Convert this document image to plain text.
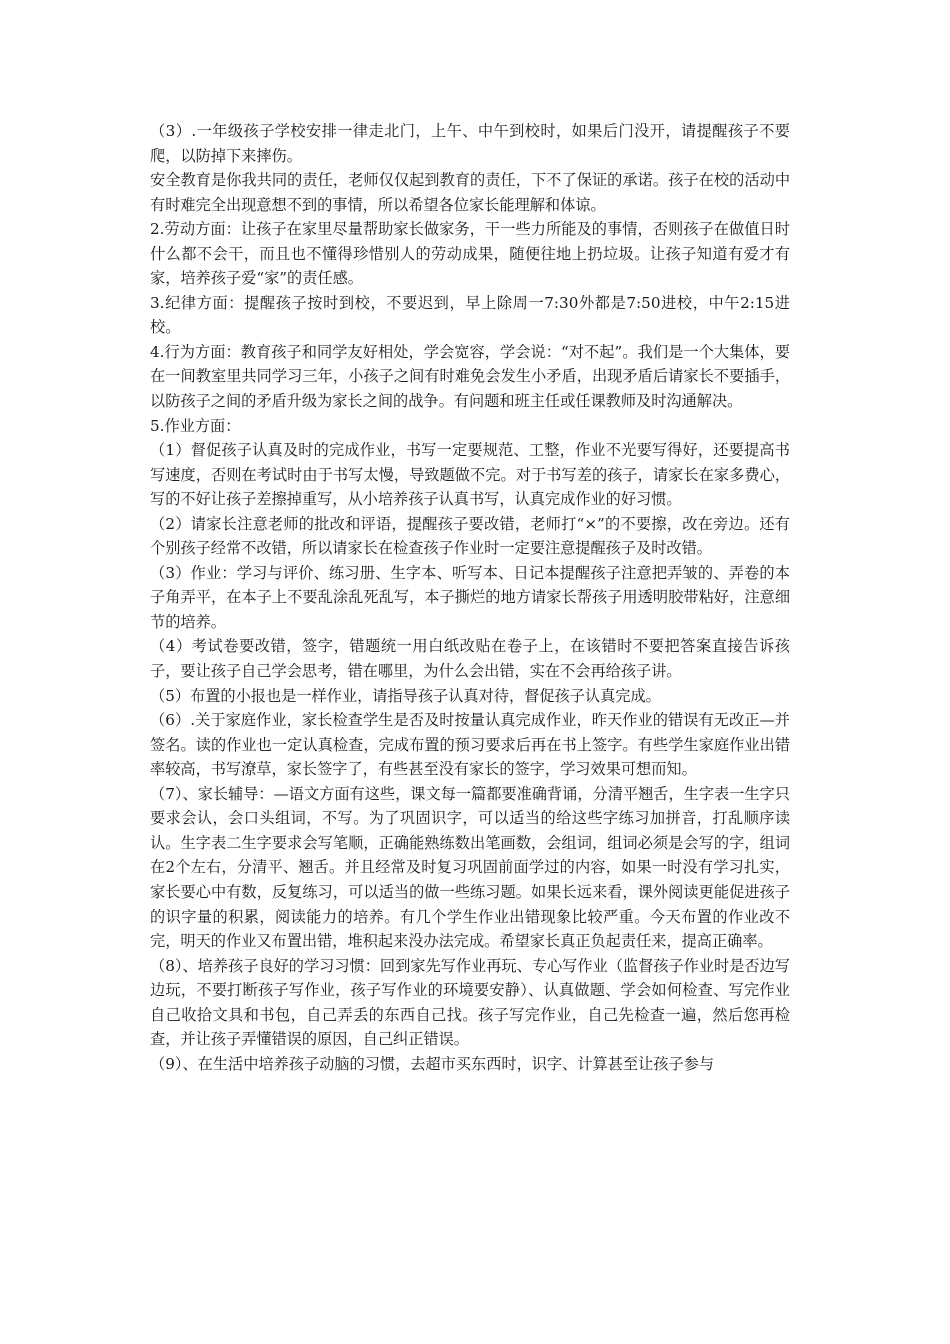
（3）.一年级孩子学校安排一律走北门，上午、中午到校时，如果后门没开，请提醒孩子不要爬，以防掉下来摔伤。

安全教育是你我共同的责任，老师仅仅起到教育的责任，下不了保证的承诺。孩子在校的活动中有时难完全出现意想不到的事情，所以希望各位家长能理解和体谅。

2.劳动方面：让孩子在家里尽量帮助家长做家务，干一些力所能及的事情，否则孩子在做值日时什么都不会干，而且也不懂得珍惜别人的劳动成果，随便往地上扔垃圾。让孩子知道有爱才有家，培养孩子爱“家”的责任感。

3.纪律方面：提醒孩子按时到校，不要迟到，早上除周一7:30外都是7:50进校，中午2:15进校。

4.行为方面：教育孩子和同学友好相处，学会宽容，学会说：“对不起”。我们是一个大集体，要在一间教室里共同学习三年，小孩子之间有时难免会发生小矛盾，出现矛盾后请家长不要插手，以防孩子之间的矛盾升级为家长之间的战争。有问题和班主任或任课教师及时沟通解决。

5.作业方面：

（1）督促孩子认真及时的完成作业，书写一定要规范、工整，作业不光要写得好，还要提高书写速度，否则在考试时由于书写太慢，导致题做不完。对于书写差的孩子，请家长在家多费心，写的不好让孩子差擦掉重写，从小培养孩子认真书写，认真完成作业的好习惯。

（2）请家长注意老师的批改和评语，提醒孩子要改错，老师打“×”的不要擦，改在旁边。还有个别孩子经常不改错，所以请家长在检查孩子作业时一定要注意提醒孩子及时改错。

（3）作业：学习与评价、练习册、生字本、听写本、日记本提醒孩子注意把弄皱的、弄卷的本子角弄平，在本子上不要乱涂乱死乱写，本子撕烂的地方请家长帮孩子用透明胶带粘好，注意细节的培养。

（4）考试卷要改错，签字，错题统一用白纸改贴在卷子上，在该错时不要把答案直接告诉孩子，要让孩子自己学会思考，错在哪里，为什么会出错，实在不会再给孩子讲。

（5）布置的小报也是一样作业，请指导孩子认真对待，督促孩子认真完成。

（6）.关于家庭作业，家长检查学生是否及时按量认真完成作业，昨天作业的错误有无改正—并签名。读的作业也一定认真检查，完成布置的预习要求后再在书上签字。有些学生家庭作业出错率较高，书写潦草，家长签字了，有些甚至没有家长的签字，学习效果可想而知。

（7）、家长辅导：—语文方面有这些，课文每一篇都要准确背诵，分清平翘舌，生字表一生字只要求会认，会口头组词，不写。为了巩固识字，可以适当的给这些字练习加拼音，打乱顺序读认。生字表二生字要求会写笔顺，正确能熟练数出笔画数，会组词，组词必须是会写的字，组词在2个左右，分清平、翘舌。并且经常及时复习巩固前面学过的内容，如果一时没有学习扎实，家长要心中有数，反复练习，可以适当的做一些练习题。如果长远来看，课外阅读更能促进孩子的识字量的积累，阅读能力的培养。有几个学生作业出错现象比较严重。今天布置的作业改不完，明天的作业又布置出错，堆积起来没办法完成。希望家长真正负起责任来，提高正确率。

（8）、培养孩子良好的学习习惯：回到家先写作业再玩、专心写作业（监督孩子作业时是否边写边玩，不要打断孩子写作业，孩子写作业的环境要安静）、认真做题、学会如何检查、写完作业自己收拾文具和书包，自己弄丢的东西自己找。孩子写完作业，自己先检查一遍，然后您再检查，并让孩子弄懂错误的原因，自己纠正错误。

（9）、在生活中培养孩子动脑的习惯，去超市买东西时，识字、计算甚至让孩子参与
